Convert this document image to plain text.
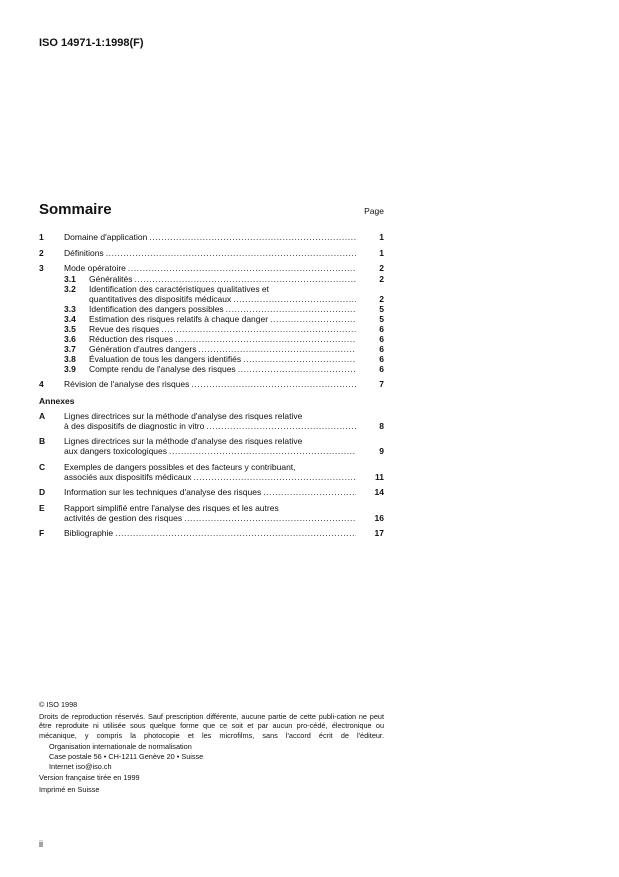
ISO 14971-1:1998(F)
Sommaire	Page
1 Domaine d'application .....	1
2 Définitions .....	1
3 Mode opératoire .....	2
3.1 Généralités .....	2
3.2 Identification des caractéristiques qualitatives et
quantitatives des dispositifs médicaux .....	2
3.3 Identification des dangers possibles .....	5
3.4 Estimation des risques relatifs à chaque danger .....	5
3.5 Revue des risques .....	6
3.6 Réduction des risques .....	6
3.7 Génération d'autres dangers .....	6
3.8 Évaluation de tous les dangers identifiés .....	6
3.9 Compte rendu de l'analyse des risques .....	6
4 Révision de l'analyse des risques .....	7
Annexes
A Lignes directrices sur la méthode d'analyse des risques relative
à des dispositifs de diagnostic in vitro .....	8
B Lignes directrices sur la méthode d'analyse des risques relative
aux dangers toxicologiques .....	9
C Exemples de dangers possibles et des facteurs y contribuant,
associés aux dispositifs médicaux .....	11
D Information sur les techniques d'analyse des risques .....	14
E Rapport simplifié entre l'analyse des risques et les autres
activités de gestion des risques .....	16
F Bibliographie .....	17
© ISO 1998
Droits de reproduction réservés. Sauf prescription différente, aucune partie de cette publi-cation ne peut être reproduite ni utilisée sous quelque forme que ce soit et par aucun pro-cédé, électronique ou mécanique, y compris la photocopie et les microfilms, sans l'accord écrit de l'éditeur.
Organisation internationale de normalisation
Case postale 56 • CH-1211 Genève 20 • Suisse
Internet iso@iso.ch
Version française tirée en 1999
Imprimé en Suisse
ii
